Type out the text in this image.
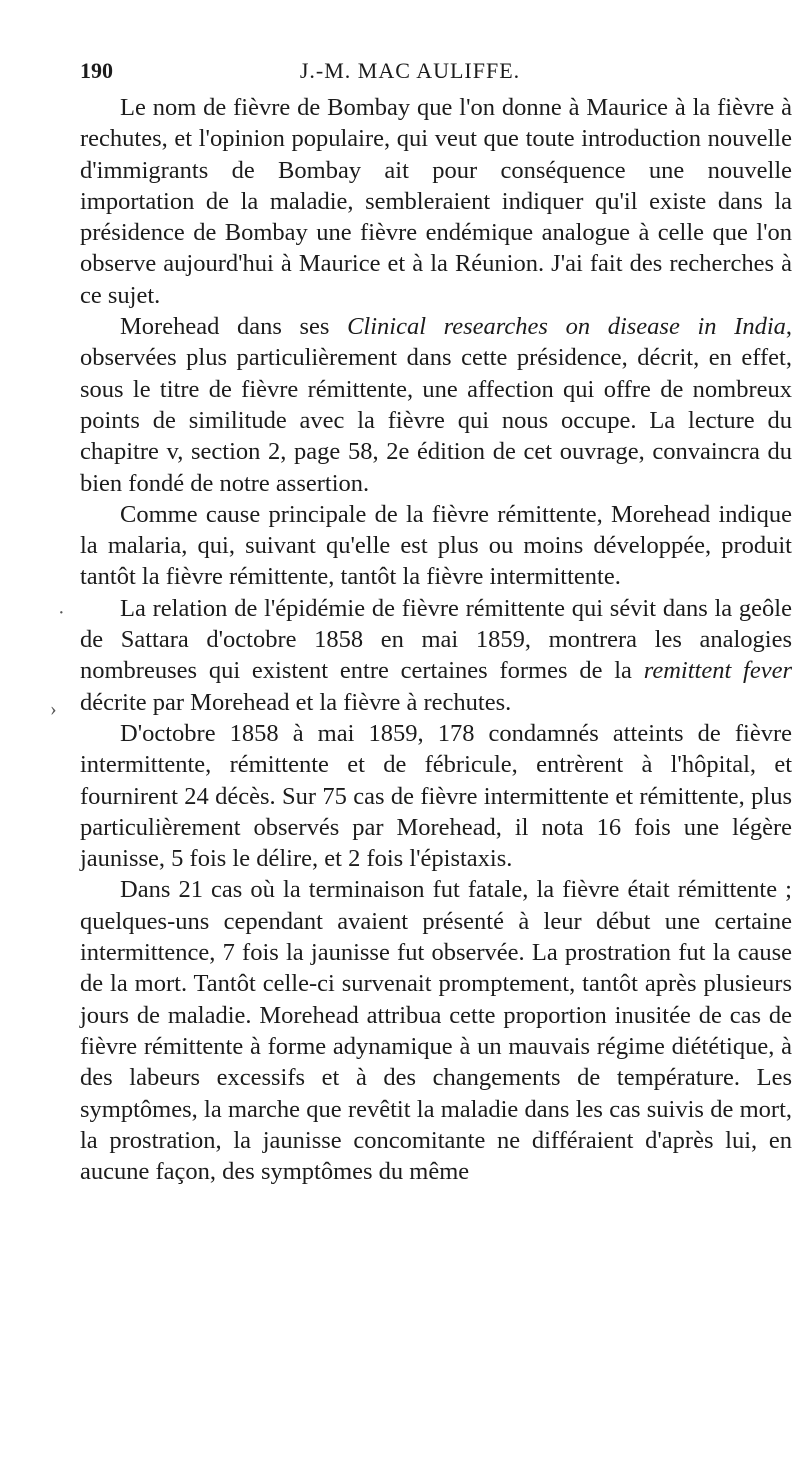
190	J.-M. MAC AULIFFE.
›
·

Le nom de fièvre de Bombay que l'on donne à Maurice à la fièvre à rechutes, et l'opinion populaire, qui veut que toute introduction nouvelle d'immigrants de Bombay ait pour conséquence une nouvelle importation de la maladie, sembleraient indiquer qu'il existe dans la présidence de Bombay une fièvre endémique analogue à celle que l'on observe aujourd'hui à Maurice et à la Réunion. J'ai fait des recherches à ce sujet.

Morehead dans ses Clinical researches on disease in India, observées plus particulièrement dans cette présidence, décrit, en effet, sous le titre de fièvre rémittente, une affection qui offre de nombreux points de similitude avec la fièvre qui nous occupe. La lecture du chapitre v, section 2, page 58, 2e édition de cet ouvrage, convaincra du bien fondé de notre assertion.

Comme cause principale de la fièvre rémittente, Morehead indique la malaria, qui, suivant qu'elle est plus ou moins développée, produit tantôt la fièvre rémittente, tantôt la fièvre intermittente.

La relation de l'épidémie de fièvre rémittente qui sévit dans la geôle de Sattara d'octobre 1858 en mai 1859, montrera les analogies nombreuses qui existent entre certaines formes de la remittent fever décrite par Morehead et la fièvre à rechutes.

D'octobre 1858 à mai 1859, 178 condamnés atteints de fièvre intermittente, rémittente et de fébricule, entrèrent à l'hôpital, et fournirent 24 décès. Sur 75 cas de fièvre intermittente et rémittente, plus particulièrement observés par Morehead, il nota 16 fois une légère jaunisse, 5 fois le délire, et 2 fois l'épistaxis.

Dans 21 cas où la terminaison fut fatale, la fièvre était rémittente ; quelques-uns cependant avaient présenté à leur début une certaine intermittence, 7 fois la jaunisse fut observée. La prostration fut la cause de la mort. Tantôt celle-ci survenait promptement, tantôt après plusieurs jours de maladie. Morehead attribua cette proportion inusitée de cas de fièvre rémittente à forme adynamique à un mauvais régime diététique, à des labeurs excessifs et à des changements de température. Les symptômes, la marche que revêtit la maladie dans les cas suivis de mort, la prostration, la jaunisse concomitante ne différaient d'après lui, en aucune façon, des symptômes du même
